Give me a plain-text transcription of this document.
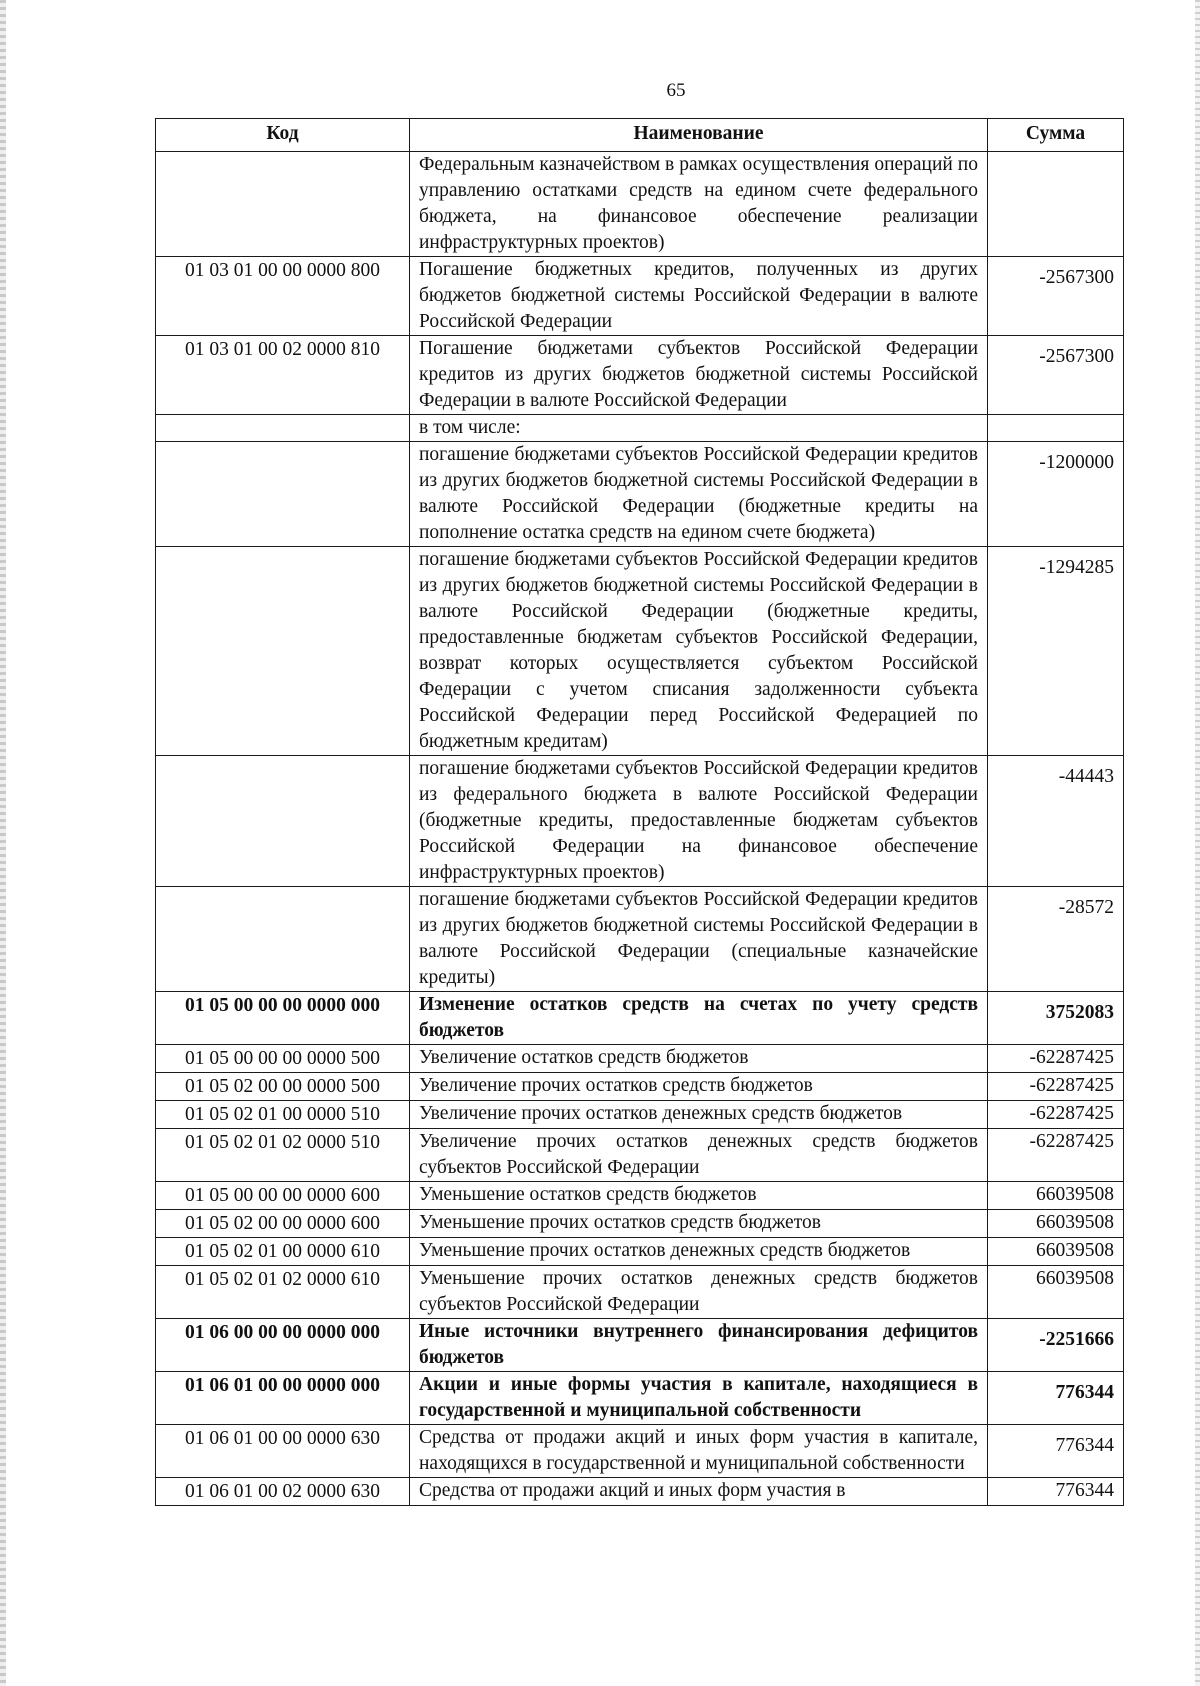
65
Код	Наименование	Сумма
	Федеральным казначейством в рамках осуществления операций по управлению остатками средств на едином счете федерального бюджета, на финансовое обеспечение реализации инфраструктурных проектов)	
01 03 01 00 00 0000 800	Погашение бюджетных кредитов, полученных из других бюджетов бюджетной системы Российской Федерации в валюте Российской Федерации	-2567300
01 03 01 00 02 0000 810	Погашение бюджетами субъектов Российской Федерации кредитов из других бюджетов бюджетной системы Российской Федерации в валюте Российской Федерации	-2567300
	в том числе:	
	погашение бюджетами субъектов Российской Федерации кредитов из других бюджетов бюджетной системы Российской Федерации в валюте Российской Федерации (бюджетные кредиты на пополнение остатка средств на едином счете бюджета)	-1200000
	погашение бюджетами субъектов Российской Федерации кредитов из других бюджетов бюджетной системы Российской Федерации в валюте Российской Федерации (бюджетные кредиты, предоставленные бюджетам субъектов Российской Федерации, возврат которых осуществляется субъектом Российской Федерации с учетом списания задолженности субъекта Российской Федерации перед Российской Федерацией по бюджетным кредитам)	-1294285
	погашение бюджетами субъектов Российской Федерации кредитов из федерального бюджета в валюте Российской Федерации (бюджетные кредиты, предоставленные бюджетам субъектов Российской Федерации на финансовое обеспечение инфраструктурных проектов)	-44443
	погашение бюджетами субъектов Российской Федерации кредитов из других бюджетов бюджетной системы Российской Федерации в валюте Российской Федерации (специальные казначейские кредиты)	-28572
01 05 00 00 00 0000 000	Изменение остатков средств на счетах по учету средств бюджетов	3752083
01 05 00 00 00 0000 500	Увеличение остатков средств бюджетов	-62287425
01 05 02 00 00 0000 500	Увеличение прочих остатков средств бюджетов	-62287425
01 05 02 01 00 0000 510	Увеличение прочих остатков денежных средств бюджетов	-62287425
01 05 02 01 02 0000 510	Увеличение прочих остатков денежных средств бюджетов субъектов Российской Федерации	-62287425
01 05 00 00 00 0000 600	Уменьшение остатков средств бюджетов	66039508
01 05 02 00 00 0000 600	Уменьшение прочих остатков средств бюджетов	66039508
01 05 02 01 00 0000 610	Уменьшение прочих остатков денежных средств бюджетов	66039508
01 05 02 01 02 0000 610	Уменьшение прочих остатков денежных средств бюджетов субъектов Российской Федерации	66039508
01 06 00 00 00 0000 000	Иные источники внутреннего финансирования дефицитов бюджетов	-2251666
01 06 01 00 00 0000 000	Акции и иные формы участия в капитале, находящиеся в государственной и муниципальной собственности	776344
01 06 01 00 00 0000 630	Средства от продажи акций и иных форм участия в капитале, находящихся в государственной и муниципальной собственности	776344
01 06 01 00 02 0000 630	Средства от продажи акций и иных форм участия в	776344
